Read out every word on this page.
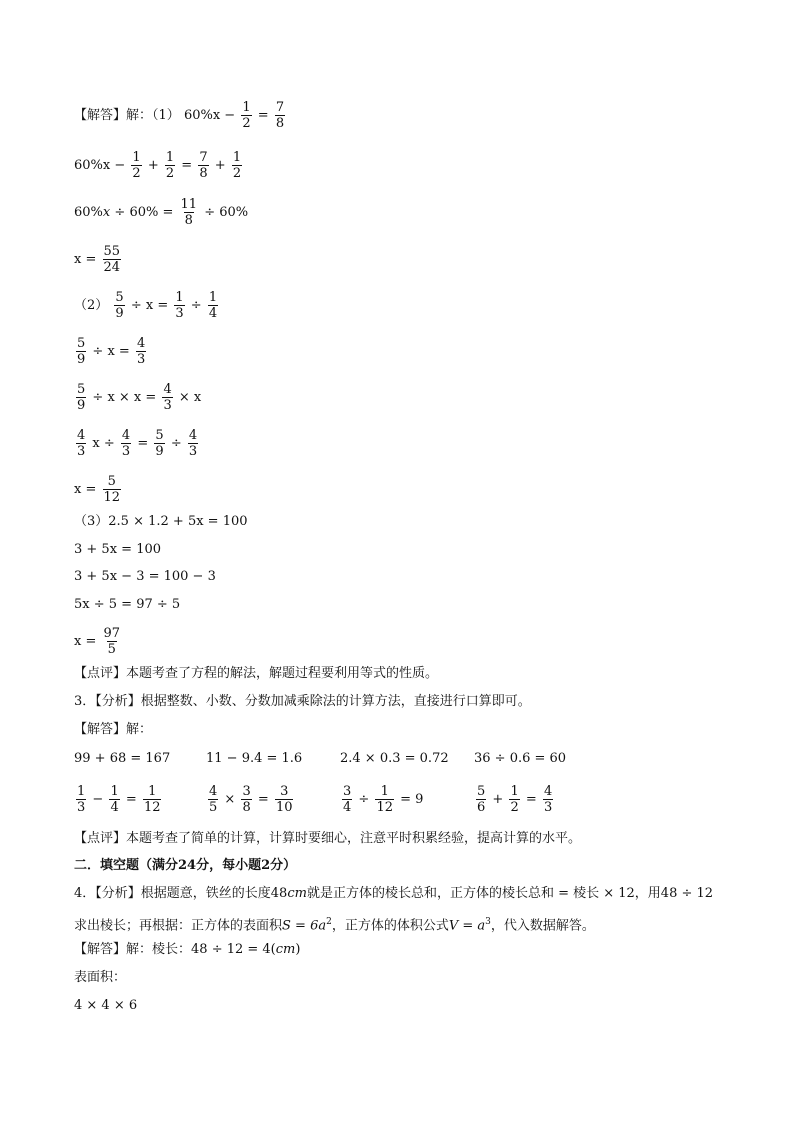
【解答】解：（1） $60\%x - \frac{1}{2} = \frac{7}{8}$
$60\%x - \frac{1}{2} + \frac{1}{2} = \frac{7}{8} + \frac{1}{2}$
$60\%x \div 60\% = \frac{11}{8} \div 60\%$
$x = \frac{55}{24}$
$(2) \frac{5}{9} \div x = \frac{1}{3} \div \frac{1}{4}$
$\frac{5}{9} \div x = \frac{4}{3}$
$\frac{5}{9} \div x \times x = \frac{4}{3} \times x$
$\frac{4}{3}$ $x \div \frac{4}{3} = \frac{5}{9} \div \frac{4}{3}$
$x = \frac{5}{12}$
（3）2.5 × 1.2 + 5x = 100
3 + 5x = 100
3 + 5x − 3 = 100 − 3
5x ÷ 5 = 97 ÷ 5
$x = \frac{97}{5}$
【点评】本题考查了方程的解法，解题过程要利用等式的性质。
3．【分析】根据整数、小数、分数加减乘除法的计算方法，直接进行口算即可。
【解答】解：
99 + 68 = 167	11 − 9.4 = 1.6	2.4 × 0.3 = 0.72 36 ÷ 0.6 = 60
$\frac{1}{3} - \frac{1}{4} = \frac{1}{12}$	$\frac{4}{5} \times \frac{3}{8} = \frac{3}{10}$	$\frac{3}{4} \div \frac{1}{12} = 9$	$\frac{5}{6} + \frac{1}{2} = \frac{4}{3}$
【点评】本题考查了简单的计算，计算时要细心，注意平时积累经验，提高计算的水平。
二．填空题（满分24分，每小题2分）
4．【分析】根据题意，铁丝的长度48cm就是正方体的棱长总和，正方体的棱长总和 = 棱长 × 12，用48 ÷ 12
求出棱长；再根据：正方体的表面积$S = 6a^2$，正方体的体积公式$V = a^3$，代入数据解答。
【解答】解：棱长：48 ÷ 12 = 4(cm)
表面积：
4 × 4 × 6
